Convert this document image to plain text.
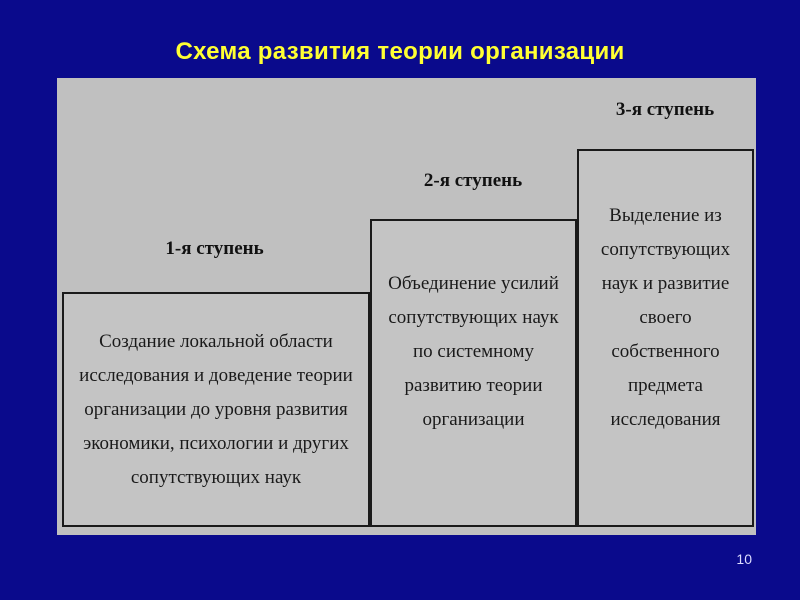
Схема развития теории организации
1-я ступень
Создание локальной области исследования и доведение теории организации до уровня развития экономики, психологии и других сопутствующих наук
2-я ступень
Объединение усилий сопутствующих наук по системному развитию теории организации
3-я ступень
Выделение из сопутствующих наук и развитие своего собственного предмета исследования
10
